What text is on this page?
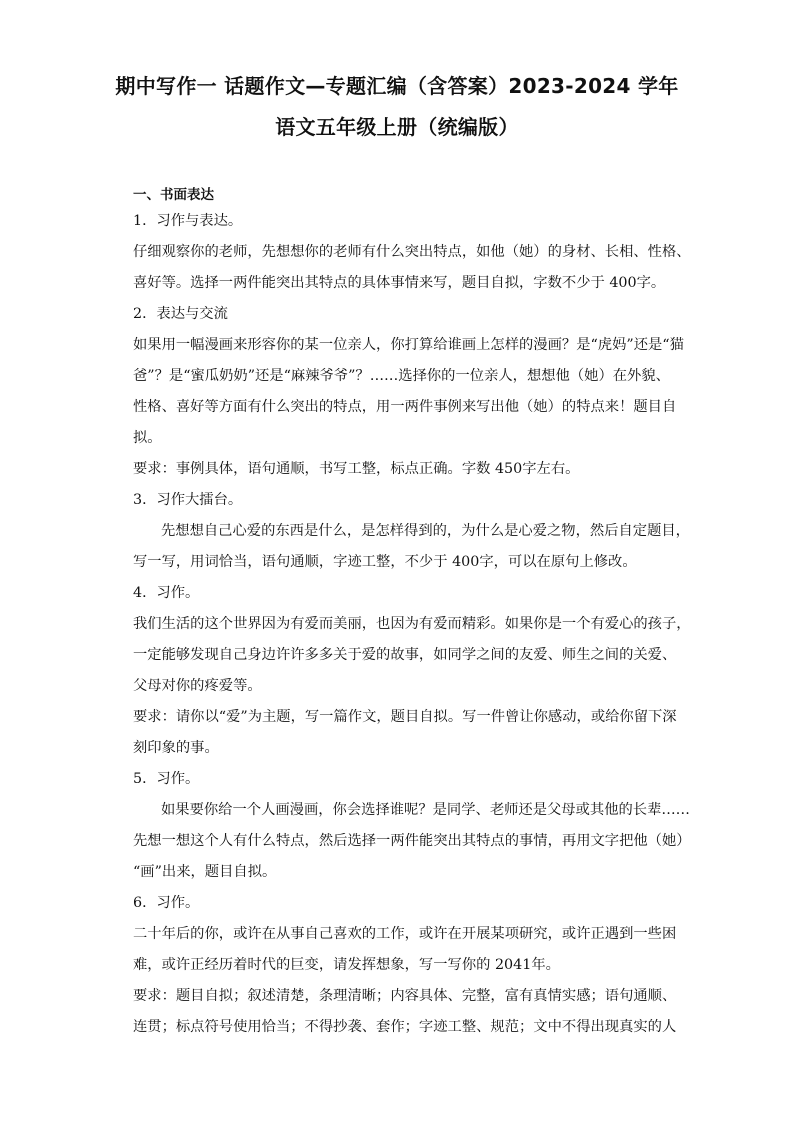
期中写作一 话题作文—专题汇编（含答案）2023-2024 学年
1．习作与表达。
仔细观察你的老师，先想想你的老师有什么突出特点，如他（她）的身材、长相、性格、
喜好等。选择一两件能突出其特点的具体事情来写，题目自拟，字数不少于 400字。
2．表达与交流
如果用一幅漫画来形容你的某一位亲人，你打算给谁画上怎样的漫画？是“虎妈”还是“猫
爸”？是“蜜瓜奶奶”还是“麻辣爷爷”？……选择你的一位亲人，想想他（她）在外貌、
性格、喜好等方面有什么突出的特点，用一两件事例来写出他（她）的特点来！题目自
拟。
要求：事例具体，语句通顺，书写工整，标点正确。字数 450字左右。
3．习作大擂台。
先想想自己心爱的东西是什么，是怎样得到的，为什么是心爱之物，然后自定题目，
写一写，用词恰当，语句通顺，字迹工整，不少于 400字，可以在原句上修改。
4．习作。
我们生活的这个世界因为有爱而美丽，也因为有爱而精彩。如果你是一个有爱心的孩子，
一定能够发现自己身边许许多多关于爱的故事，如同学之间的友爱、师生之间的关爱、
父母对你的疼爱等。
要求：请你以“爱”为主题，写一篇作文，题目自拟。写一件曾让你感动，或给你留下深
刻印象的事。
5．习作。
如果要你给一个人画漫画，你会选择谁呢？是同学、老师还是父母或其他的长辈……
先想一想这个人有什么特点，然后选择一两件能突出其特点的事情，再用文字把他（她）
“画”出来，题目自拟。
6．习作。
二十年后的你，或许在从事自己喜欢的工作，或许在开展某项研究，或许正遇到一些困
难，或许正经历着时代的巨变，请发挥想象，写一写你的 2041年。
要求：题目自拟；叙述清楚，条理清晰；内容具体、完整，富有真情实感；语句通顺、
连贯；标点符号使用恰当；不得抄袭、套作；字迹工整、规范；文中不得出现真实的人
语文五年级上册（统编版）
一、书面表达
